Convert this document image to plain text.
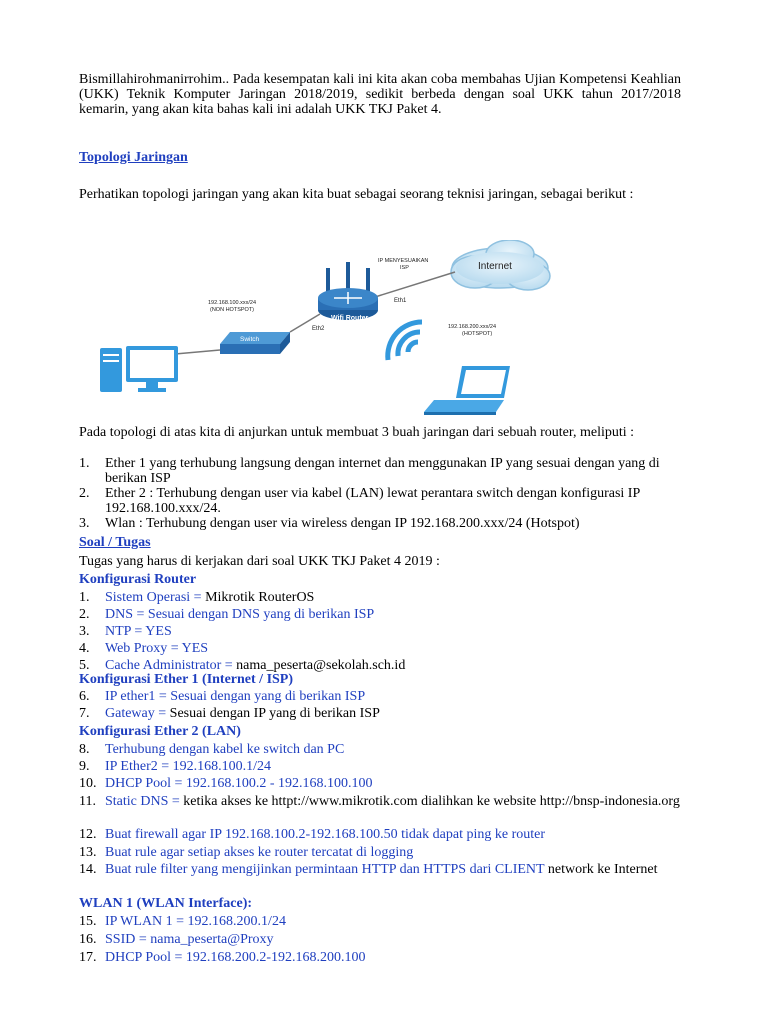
Bismillahirohmanirrohim.. Pada kesempatan kali ini kita akan coba membahas Ujian Kompetensi Keahlian (UKK) Teknik Komputer Jaringan 2018/2019, sedikit berbeda dengan soal UKK tahun 2017/2018 kemarin, yang akan kita bahas kali ini adalah UKK TKJ Paket 4.
Topologi Jaringan
Perhatikan topologi jaringan yang akan kita buat sebagai seorang teknisi jaringan, sebagai berikut :
Internet
IP MENYESUAIKAN
ISP
Eth1
Wifi Router
Eth2
Switch
192.168.100.xxx/24
(NON HOTSPOT)
192.168.200.xxx/24
(HOTSPOT)
Pada topologi di atas kita di anjurkan untuk membuat 3 buah jaringan dari sebuah router, meliputi :
1.	Ether 1 yang terhubung langsung dengan internet dan menggunakan IP yang sesuai dengan yang di berikan ISP
2.	Ether 2 : Terhubung dengan user via kabel (LAN) lewat perantara switch dengan konfigurasi IP 192.168.100.xxx/24.
3.	Wlan : Terhubung dengan user via wireless dengan IP 192.168.200.xxx/24 (Hotspot)
Soal / Tugas
Tugas yang harus di kerjakan dari soal UKK TKJ Paket 4 2019 :
Konfigurasi Router
1.	Sistem Operasi = Mikrotik RouterOS
2.	DNS = Sesuai dengan DNS yang di berikan ISP
3.	NTP = YES
4.	Web Proxy = YES
5.	Cache Administrator = nama_peserta@sekolah.sch.id
Konfigurasi Ether 1 (Internet / ISP)
6.	IP ether1 = Sesuai dengan yang di berikan ISP
7.	Gateway = Sesuai dengan IP yang di berikan ISP
Konfigurasi Ether 2 (LAN)
8.	Terhubung dengan kabel ke switch dan PC
9.	IP Ether2 = 192.168.100.1/24
10. DHCP Pool = 192.168.100.2 - 192.168.100.100
11. Static DNS = ketika akses ke httpt://www.mikrotik.com dialihkan ke website http://bnsp-indonesia.org
12. Buat firewall agar IP 192.168.100.2-192.168.100.50 tidak dapat ping ke router
13. Buat rule agar setiap akses ke router tercatat di logging
14. Buat rule filter yang mengijinkan permintaan HTTP dan HTTPS dari CLIENT network ke Internet
WLAN 1 (WLAN Interface):
15. IP WLAN 1 = 192.168.200.1/24
16. SSID = nama_peserta@Proxy
17. DHCP Pool = 192.168.200.2-192.168.200.100
